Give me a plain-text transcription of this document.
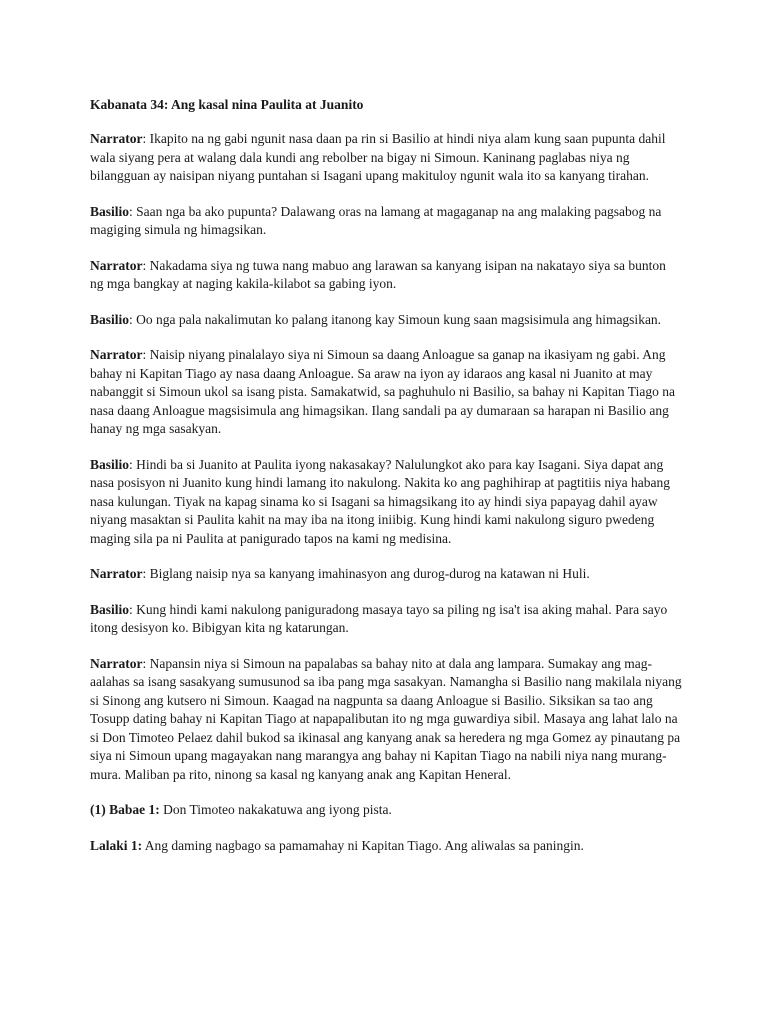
Kabanata 34: Ang kasal nina Paulita at Juanito

Narrator: Ikapito na ng gabi ngunit nasa daan pa rin si Basilio at hindi niya alam kung saan pupunta dahil wala siyang pera at walang dala kundi ang rebolber na bigay ni Simoun. Kaninang paglabas niya ng bilangguan ay naisipan niyang puntahan si Isagani upang makituloy ngunit wala ito sa kanyang tirahan.

Basilio: Saan nga ba ako pupunta? Dalawang oras na lamang at magaganap na ang malaking pagsabog na magiging simula ng himagsikan.

Narrator: Nakadama siya ng tuwa nang mabuo ang larawan sa kanyang isipan na nakatayo siya sa bunton ng mga bangkay at naging kakila-kilabot sa gabing iyon.

Basilio: Oo nga pala nakalimutan ko palang itanong kay Simoun kung saan magsisimula ang himagsikan.

Narrator: Naisip niyang pinalalayo siya ni Simoun sa daang Anloague sa ganap na ikasiyam ng gabi. Ang bahay ni Kapitan Tiago ay nasa daang Anloague. Sa araw na iyon ay idaraos ang kasal ni Juanito at may nabanggit si Simoun ukol sa isang pista. Samakatwid, sa paghuhulo ni Basilio, sa bahay ni Kapitan Tiago na nasa daang Anloague magsisimula ang himagsikan. Ilang sandali pa ay dumaraan sa harapan ni Basilio ang hanay ng mga sasakyan.

Basilio: Hindi ba si Juanito at Paulita iyong nakasakay? Nalulungkot ako para kay Isagani. Siya dapat ang nasa posisyon ni Juanito kung hindi lamang ito nakulong. Nakita ko ang paghihirap at pagtitiis niya habang nasa kulungan. Tiyak na kapag sinama ko si Isagani sa himagsikang ito ay hindi siya papayag dahil ayaw niyang masaktan si Paulita kahit na may iba na itong iniibig. Kung hindi kami nakulong siguro pwedeng maging sila pa ni Paulita at panigurado tapos na kami ng medisina.

Narrator: Biglang naisip nya sa kanyang imahinasyon ang durog-durog na katawan ni Huli.

Basilio: Kung hindi kami nakulong paniguradong masaya tayo sa piling ng isa't isa aking mahal. Para sayo itong desisyon ko. Bibigyan kita ng katarungan.

Narrator: Napansin niya si Simoun na papalabas sa bahay nito at dala ang lampara. Sumakay ang mag-aalahas sa isang sasakyang sumusunod sa iba pang mga sasakyan. Namangha si Basilio nang makilala niyang si Sinong ang kutsero ni Simoun. Kaagad na nagpunta sa daang Anloague si Basilio. Siksikan sa tao ang Tosupp dating bahay ni Kapitan Tiago at napapalibutan ito ng mga guwardiya sibil. Masaya ang lahat lalo na si Don Timoteo Pelaez dahil bukod sa ikinasal ang kanyang anak sa heredera ng mga Gomez ay pinautang pa siya ni Simoun upang magayakan nang marangya ang bahay ni Kapitan Tiago na nabili niya nang murang-mura. Maliban pa rito, ninong sa kasal ng kanyang anak ang Kapitan Heneral.

(1) Babae 1: Don Timoteo nakakatuwa ang iyong pista.

Lalaki 1: Ang daming nagbago sa pamamahay ni Kapitan Tiago. Ang aliwalas sa paningin.
